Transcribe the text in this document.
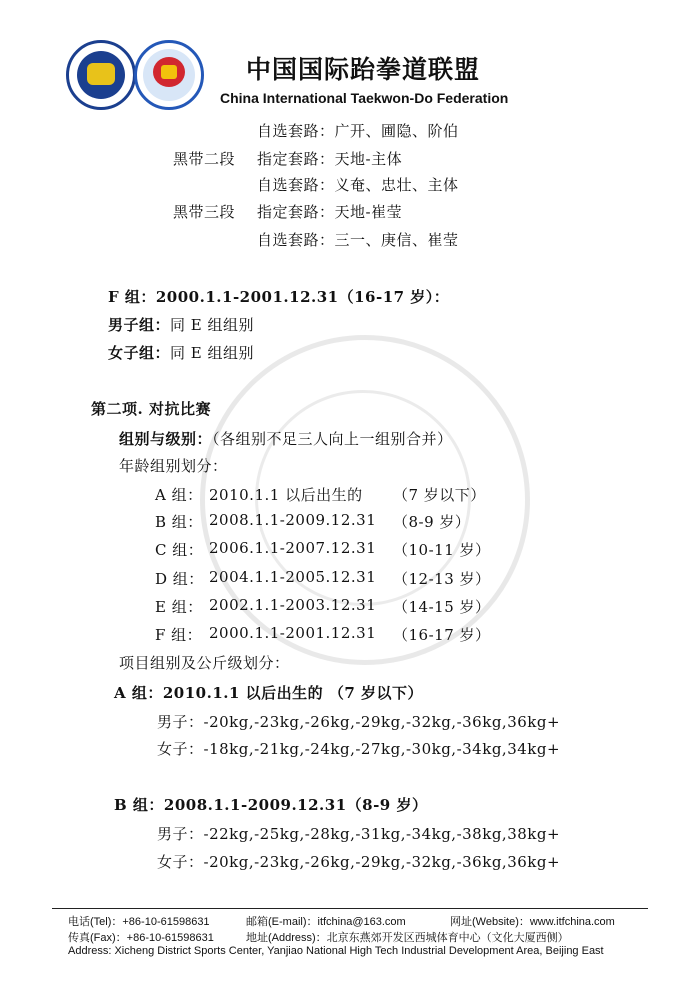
中国国际跆拳道联盟
China International Taekwon-Do Federation
自选套路：广开、圃隐、阶伯
黑带二段 指定套路：天地-主体
自选套路：义奄、忠壮、主体
黑带三段 指定套路：天地-崔莹
自选套路：三一、庚信、崔莹
F 组：2000.1.1-2001.12.31（16-17 岁）：
男子组：同 E 组组别
女子组：同 E 组组别
第二项. 对抗比赛
组别与级别：（各组别不足三人向上一组别合并）
年龄组别划分：
A 组： 2010.1.1 以后出生的 （7 岁以下）
B 组： 2008.1.1-2009.12.31 （8-9 岁）
C 组： 2006.1.1-2007.12.31 （10-11 岁）
D 组： 2004.1.1-2005.12.31 （12-13 岁）
E 组： 2002.1.1-2003.12.31 （14-15 岁）
F 组： 2000.1.1-2001.12.31 （16-17 岁）
项目组别及公斤级划分：
A 组：2010.1.1 以后出生的 （7 岁以下）
男子：-20kg,-23kg,-26kg,-29kg,-32kg,-36kg,36kg+
女子：-18kg,-21kg,-24kg,-27kg,-30kg,-34kg,34kg+
B 组：2008.1.1-2009.12.31（8-9 岁）
男子：-22kg,-25kg,-28kg,-31kg,-34kg,-38kg,38kg+
女子：-20kg,-23kg,-26kg,-29kg,-32kg,-36kg,36kg+
电话(Tel)：+86-10-61598631	邮箱(E-mail)：itfchina@163.com	网址(Website)：www.itfchina.com
传真(Fax)：+86-10-61598631	地址(Address)：北京东燕郊开发区西城体育中心（文化大厦西侧）
Address: Xicheng District Sports Center, Yanjiao National High Tech Industrial Development Area, Beijing East
